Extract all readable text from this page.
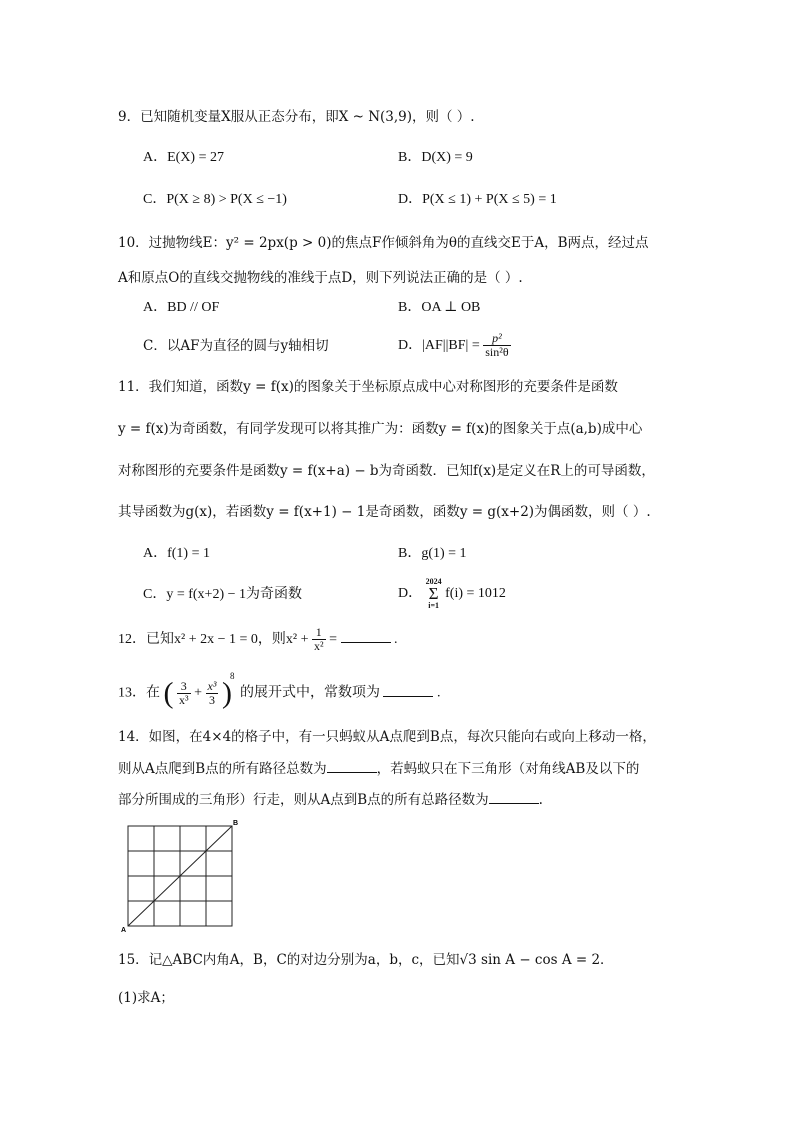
9．已知随机变量X服从正态分布，即X ~ N(3,9)，则（ ）.
A．E(X) = 27	B．D(X) = 9
C．P(X ≥ 8) > P(X ≤ −1)	D．P(X ≤ 1) + P(X ≤ 5) = 1
10．过抛物线E：y² = 2px(p > 0)的焦点F作倾斜角为θ的直线交E于A，B两点，经过点
A和原点O的直线交抛物线的准线于点D，则下列说法正确的是（ ）.
A．BD // OF	B．OA ⊥ OB
C．以AF为直径的圆与y轴相切	D．$|AF||BF| = \frac{\text{p²}}{\text{sin²θ}}$
11．我们知道，函数y = f(x)的图象关于坐标原点成中心对称图形的充要条件是函数
y = f(x)为奇函数，有同学发现可以将其推广为：函数y = f(x)的图象关于点(a,b)成中心
对称图形的充要条件是函数y = f(x+a) − b为奇函数．已知f(x)是定义在R上的可导函数，
其导函数为g(x)，若函数y = f(x+1) − 1是奇函数，函数y = g(x+2)为偶函数，则（ ）.
A．f(1) = 1	B．g(1) = 1
C．y = f(x+2) − 1为奇函数	D．
2024
Σ
i=1
f(i) = 1012
12．已知x² + 2x − 1 = 0，则$x^2 + \frac{1}{\text{x²}}$ =	.
13．在 ( $\frac{3}{\text{x³}} + \frac{\text{x³}}{3} )^8$ 的展开式中，常数项为	.
14．如图，在4×4的格子中，有一只蚂蚁从A点爬到B点，每次只能向右或向上移动一格，
则从A点爬到B点的所有路径总数为	，若蚂蚁只在下三角形（对角线AB及以下的
部分所围成的三角形）行走，则从A点到B点的所有总路径数为	.
A
B
15．记△ABC内角A，B，C的对边分别为a，b，c，已知√3 sin A − cos A = 2．
(1)求A；
